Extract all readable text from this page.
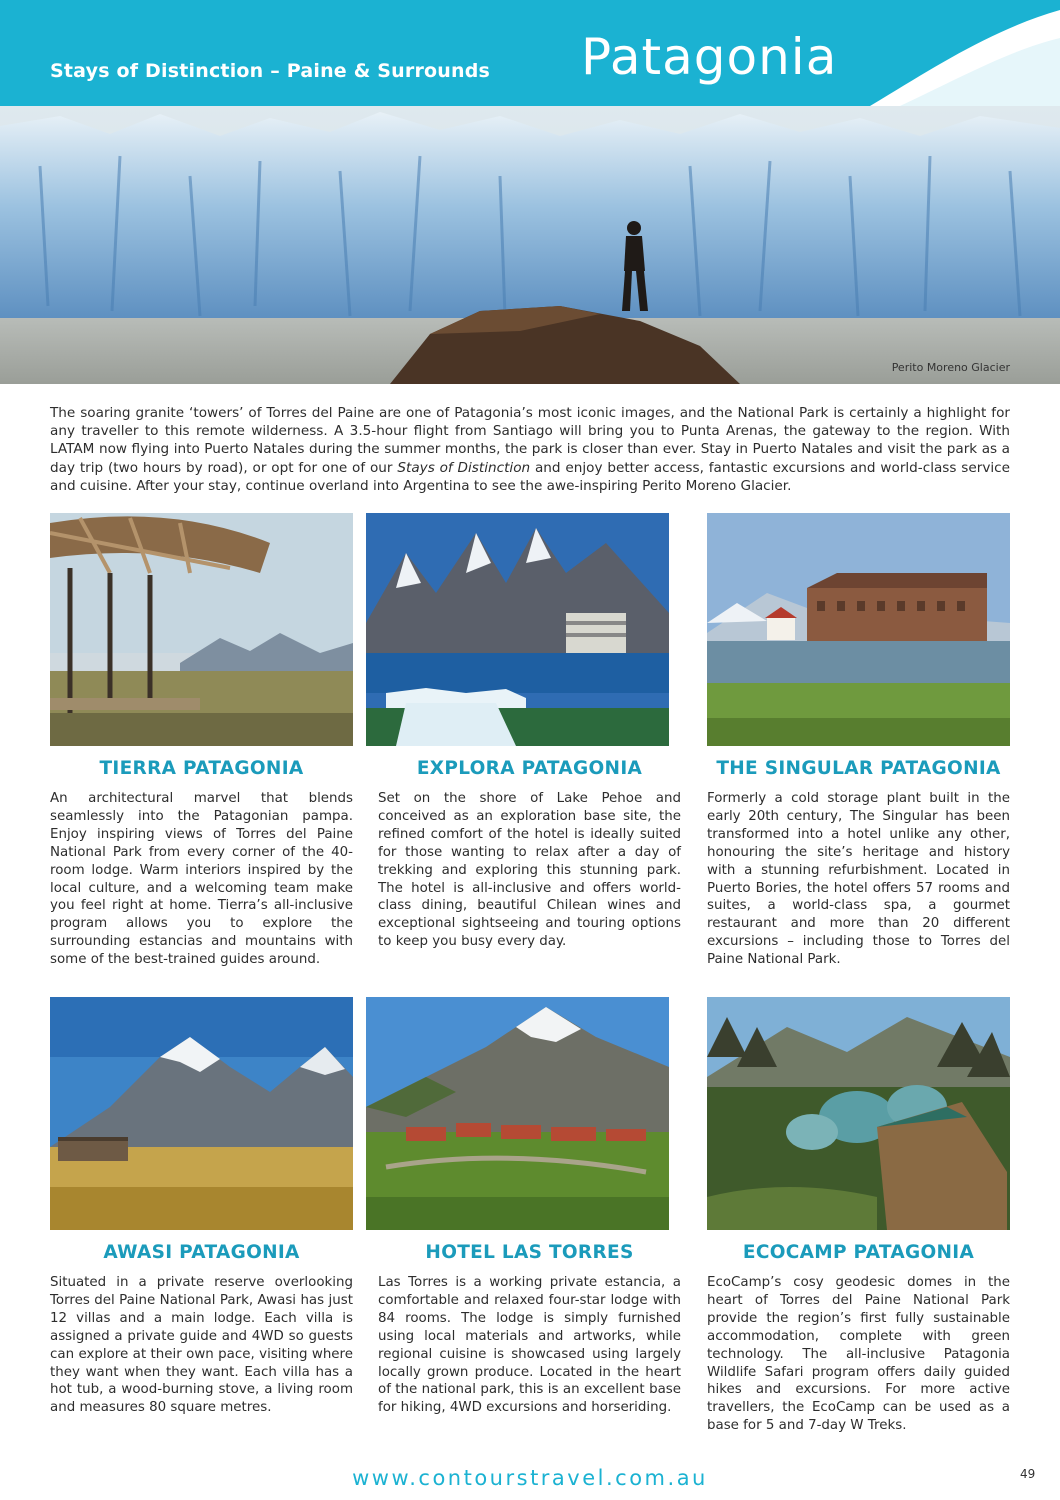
Stays of Distinction – Paine & Surrounds Patagonia
Perito Moreno Glacier

The soaring granite ‘towers’ of Torres del Paine are one of Patagonia’s most iconic images, and the National Park is certainly a highlight for any traveller to this remote wilderness. A 3.5-hour flight from Santiago will bring you to Punta Arenas, the gateway to the region. With LATAM now flying into Puerto Natales during the summer months, the park is closer than ever. Stay in Puerto Natales and visit the park as a day trip (two hours by road), or opt for one of our Stays of Distinction and enjoy better access, fantastic excursions and world-class service and cuisine. After your stay, continue overland into Argentina to see the awe-inspiring Perito Moreno Glacier.

TIERRA PATAGONIA	EXPLORA PATAGONIA	THE SINGULAR PATAGONIA

An architectural marvel that blends seamlessly into the Patagonian pampa. Enjoy inspiring views of Torres del Paine National Park from every corner of the 40-room lodge. Warm interiors inspired by the local culture, and a welcoming team make you feel right at home. Tierra’s all-inclusive program allows you to explore the surrounding estancias and mountains with some of the best-trained guides around.

Set on the shore of Lake Pehoe and conceived as an exploration base site, the refined comfort of the hotel is ideally suited for those wanting to relax after a day of trekking and exploring this stunning park. The hotel is all-inclusive and offers world-class dining, beautiful Chilean wines and exceptional sightseeing and touring options to keep you busy every day.

Formerly a cold storage plant built in the early 20th century, The Singular has been transformed into a hotel unlike any other, honouring the site’s heritage and history with a stunning refurbishment. Located in Puerto Bories, the hotel offers 57 rooms and suites, a world-class spa, a gourmet restaurant and more than 20 different excursions – including those to Torres del Paine National Park.

AWASI PATAGONIA	HOTEL LAS TORRES	ECOCAMP PATAGONIA

Situated in a private reserve overlooking Torres del Paine National Park, Awasi has just 12 villas and a main lodge. Each villa is assigned a private guide and 4WD so guests can explore at their own pace, visiting where they want when they want. Each villa has a hot tub, a wood-burning stove, a living room and measures 80 square metres.

Las Torres is a working private estancia, a comfortable and relaxed four-star lodge with 84 rooms. The lodge is simply furnished using local materials and artworks, while regional cuisine is showcased using largely locally grown produce. Located in the heart of the national park, this is an excellent base for hiking, 4WD excursions and horseriding.

EcoCamp’s cosy geodesic domes in the heart of Torres del Paine National Park provide the region’s first fully sustainable accommodation, complete with green technology. The all-inclusive Patagonia Wildlife Safari program offers daily guided hikes and excursions. For more active travellers, the EcoCamp can be used as a base for 5 and 7-day W Treks.

www.contourstravel.com.au	49
